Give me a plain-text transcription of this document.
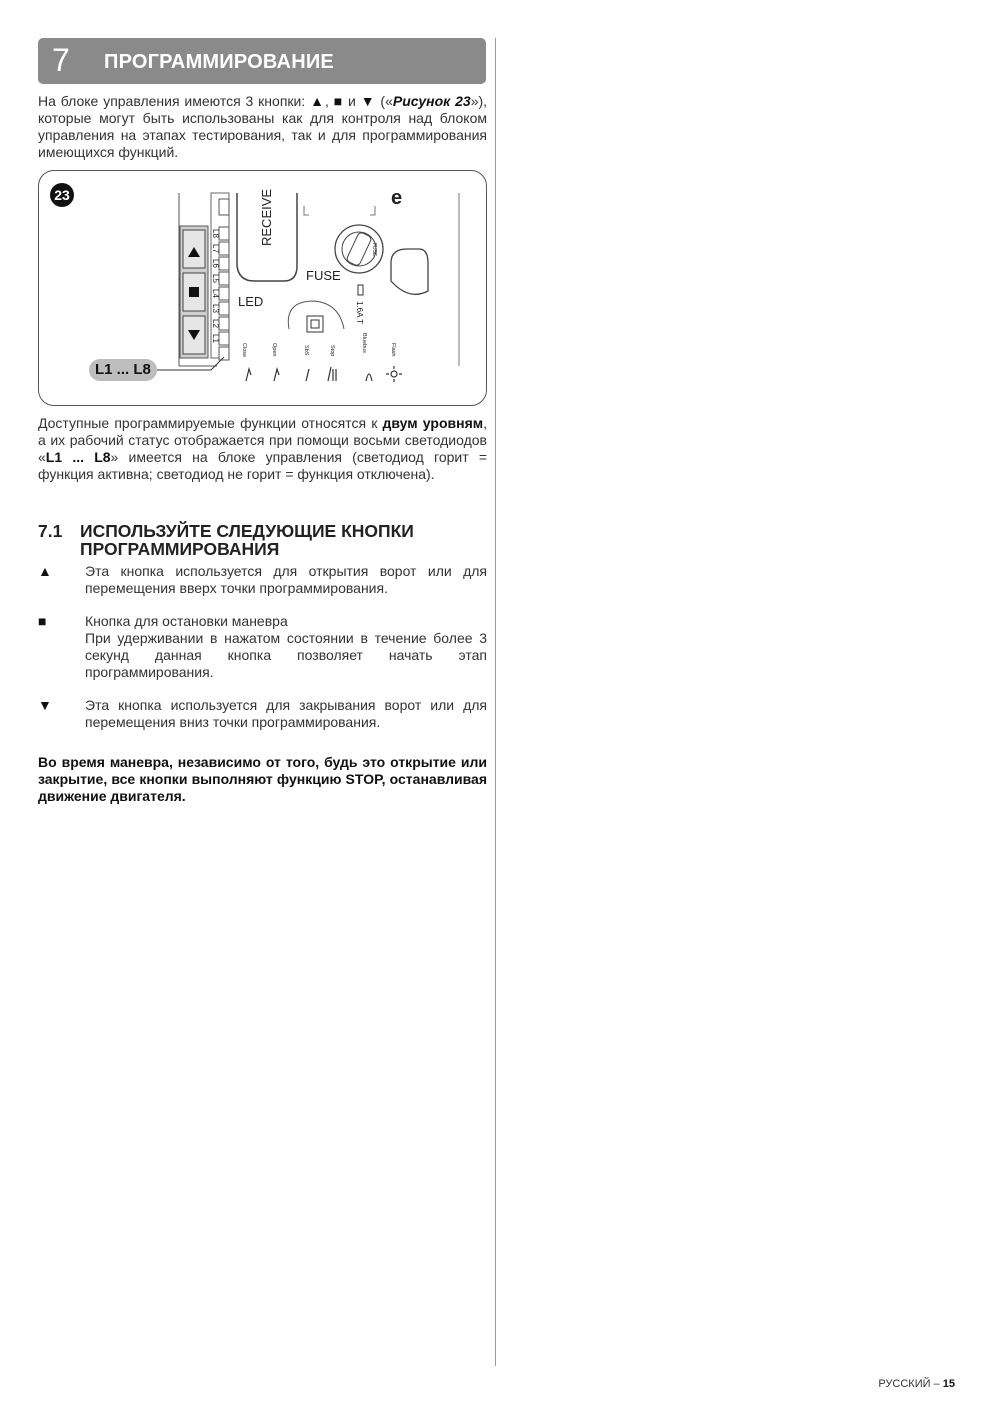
7 ПРОГРАММИРОВАНИЕ

На блоке управления имеются 3 кнопки: ▲, ■ и ▼ («Рисунок 23»), которые могут быть использованы как для контроля над блоком управления на этапах тестирования, так и для программирования имеющихся функций.

RECEIVE
LED
FUSE
FUSE
1.6A T
e
L8
L7
L6
L5
L4
L3
L2
L1
Close	Open	SbS	Stop	Bluebus	Flash
23
L1 ... L8

Доступные программируемые функции относятся к двум уровням, а их рабочий статус отображается при помощи восьми светодиодов «L1 ... L8» имеется на блоке управления (светодиод горит = функция активна; светодиод не горит = функция отключена).

7.1 ИСПОЛЬЗУЙТЕ СЛЕДУЮЩИЕ КНОПКИ ПРОГРАММИРОВАНИЯ
▲ Эта кнопка используется для открытия ворот или для перемещения вверх точки программирования.
■	Кнопка для остановки маневра
При удерживании в нажатом состоянии в течение более 3 секунд данная кнопка позволяет начать этап программирования.
▼ Эта кнопка используется для закрывания ворот или для перемещения вниз точки программирования.

Во время маневра, независимо от того, будь это открытие или закрытие, все кнопки выполняют функцию STOP, останавливая движение двигателя.

РУССКИЙ – 15
